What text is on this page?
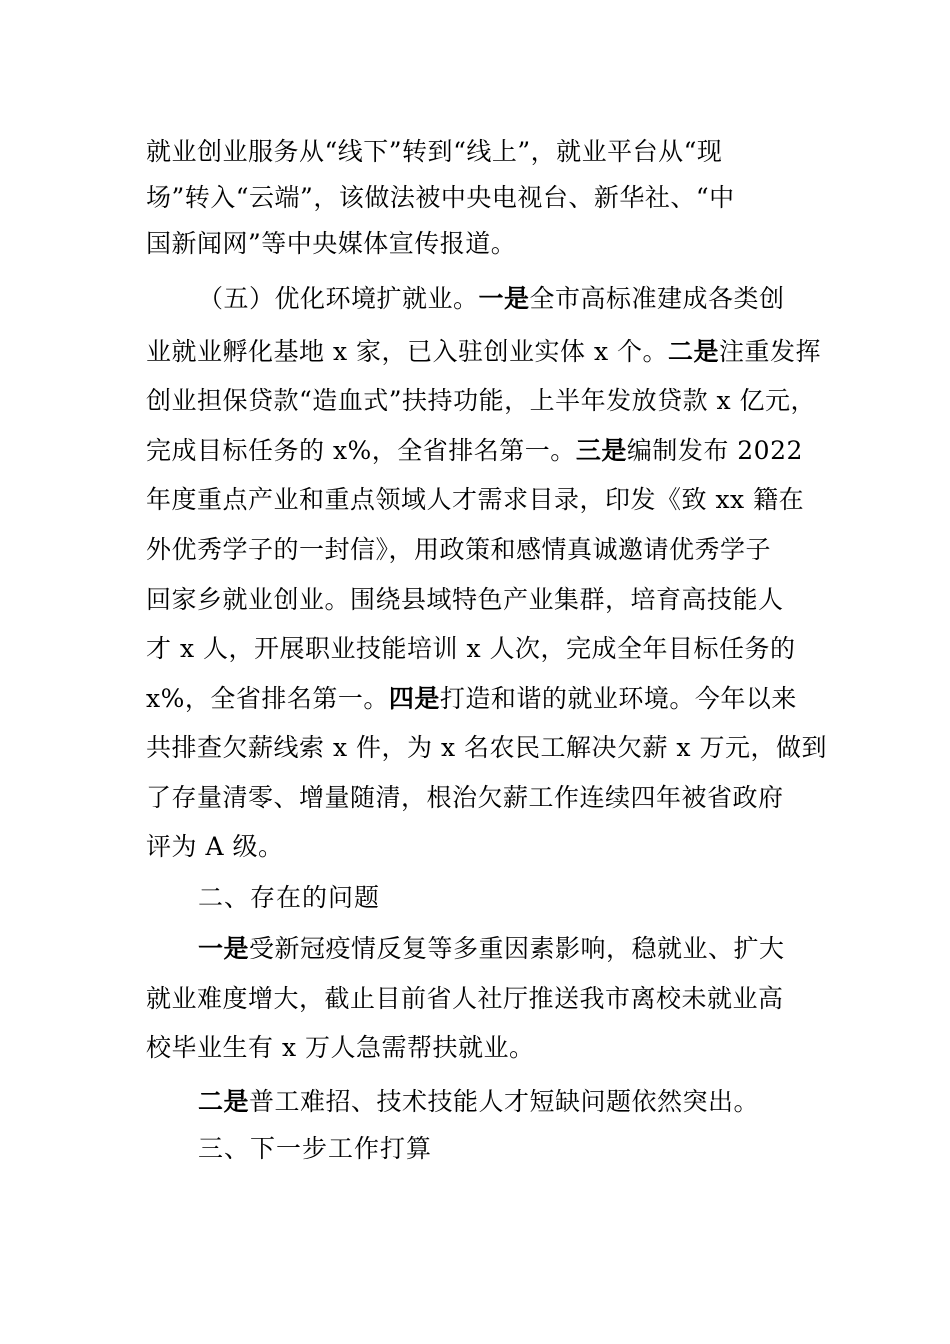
就业创业服务从“线下”转到“线上”，就业平台从“现
场”转入“云端”，该做法被中央电视台、新华社、“中
国新闻网”等中央媒体宣传报道。
（五）优化环境扩就业。一是全市高标准建成各类创
业就业孵化基地 x 家，已入驻创业实体 x 个。二是注重发挥
创业担保贷款“造血式”扶持功能，上半年发放贷款 x 亿元，
完成目标任务的 x%，全省排名第一。三是编制发布 2022
年度重点产业和重点领域人才需求目录，印发《致 xx 籍在
外优秀学子的一封信》，用政策和感情真诚邀请优秀学子
回家乡就业创业。围绕县域特色产业集群，培育高技能人
才 x 人，开展职业技能培训 x 人次，完成全年目标任务的
x%，全省排名第一。四是打造和谐的就业环境。今年以来
共排查欠薪线索 x 件，为 x 名农民工解决欠薪 x 万元，做到
了存量清零、增量随清，根治欠薪工作连续四年被省政府
评为 A 级。
二、存在的问题
一是受新冠疫情反复等多重因素影响，稳就业、扩大
就业难度增大，截止目前省人社厅推送我市离校未就业高
校毕业生有 x 万人急需帮扶就业。
二是普工难招、技术技能人才短缺问题依然突出。
三、下一步工作打算
